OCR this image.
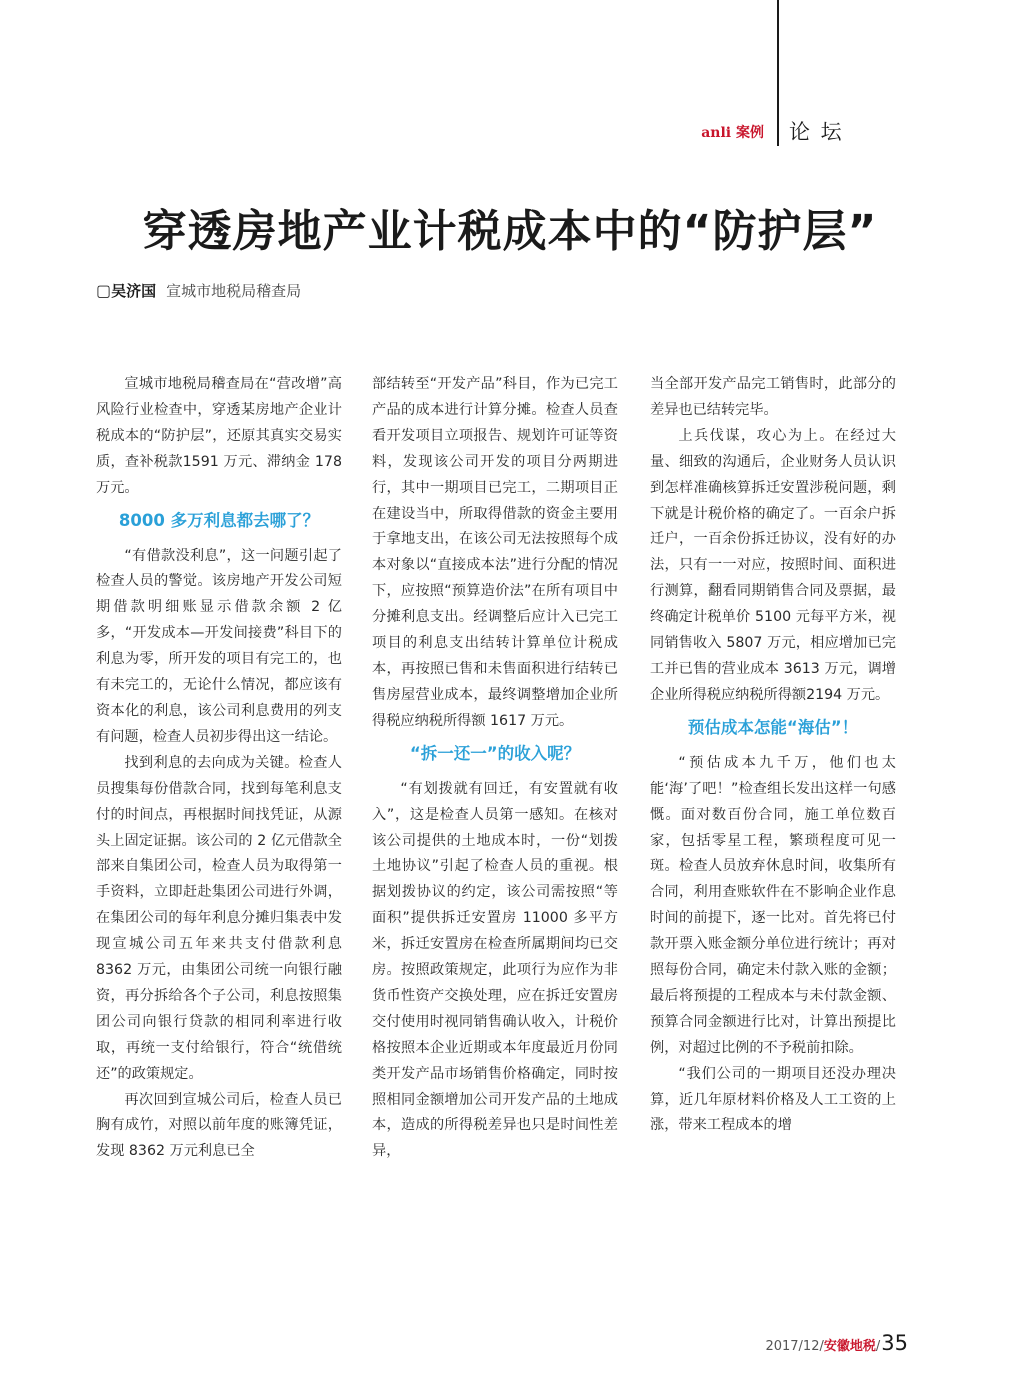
anli 案例 论 坛
穿透房地产业计税成本中的“防护层”
▢吴济国 宣城市地税局稽查局

宣城市地税局稽查局在“营改增”高风险行业检查中，穿透某房地产企业计税成本的“防护层”，还原其真实交易实质，查补税款1591 万元、滞纳金 178 万元。

8000 多万利息都去哪了？

“有借款没利息”，这一问题引起了检查人员的警觉。该房地产开发公司短期借款明细账显示借款余额 2 亿多，“开发成本—开发间接费”科目下的利息为零，所开发的项目有完工的，也有未完工的，无论什么情况，都应该有资本化的利息，该公司利息费用的列支有问题，检查人员初步得出这一结论。

找到利息的去向成为关键。检查人员搜集每份借款合同，找到每笔利息支付的时间点，再根据时间找凭证，从源头上固定证据。该公司的 2 亿元借款全部来自集团公司，检查人员为取得第一手资料，立即赶赴集团公司进行外调，在集团公司的每年利息分摊归集表中发现宣城公司五年来共支付借款利息 8362 万元，由集团公司统一向银行融资，再分拆给各个子公司，利息按照集团公司向银行贷款的相同利率进行收取，再统一支付给银行，符合“统借统还”的政策规定。

再次回到宣城公司后，检查人员已胸有成竹，对照以前年度的账簿凭证，发现 8362 万元利息已全

部结转至“开发产品”科目，作为已完工产品的成本进行计算分摊。检查人员查看开发项目立项报告、规划许可证等资料，发现该公司开发的项目分两期进行，其中一期项目已完工，二期项目正在建设当中，所取得借款的资金主要用于拿地支出，在该公司无法按照每个成本对象以“直接成本法”进行分配的情况下，应按照“预算造价法”在所有项目中分摊利息支出。经调整后应计入已完工项目的利息支出结转计算单位计税成本，再按照已售和未售面积进行结转已售房屋营业成本，最终调整增加企业所得税应纳税所得额 1617 万元。

“拆一还一”的收入呢？

“有划拨就有回迁，有安置就有收入”，这是检查人员第一感知。在核对该公司提供的土地成本时，一份“划拨土地协议”引起了检查人员的重视。根据划拨协议的约定，该公司需按照“等面积”提供拆迁安置房 11000 多平方米，拆迁安置房在检查所属期间均已交房。按照政策规定，此项行为应作为非货币性资产交换处理，应在拆迁安置房交付使用时视同销售确认收入，计税价格按照本企业近期或本年度最近月份同类开发产品市场销售价格确定，同时按照相同金额增加公司开发产品的土地成本，造成的所得税差异也只是时间性差异，

当全部开发产品完工销售时，此部分的差异也已结转完毕。

上兵伐谋，攻心为上。在经过大量、细致的沟通后，企业财务人员认识到怎样准确核算拆迁安置涉税问题，剩下就是计税价格的确定了。一百余户拆迁户，一百余份拆迁协议，没有好的办法，只有一一对应，按照时间、面积进行测算，翻看同期销售合同及票据，最终确定计税单价 5100 元每平方米，视同销售收入 5807 万元，相应增加已完工并已售的营业成本 3613 万元，调增企业所得税应纳税所得额2194 万元。

预估成本怎能“海估”！

“预估成本九千万，他们也太能‘海’了吧！”检查组长发出这样一句感慨。面对数百份合同，施工单位数百家，包括零星工程，繁琐程度可见一斑。检查人员放弃休息时间，收集所有合同，利用查账软件在不影响企业作息时间的前提下，逐一比对。首先将已付款开票入账金额分单位进行统计；再对照每份合同，确定未付款入账的金额；最后将预提的工程成本与未付款金额、预算合同金额进行比对，计算出预提比例，对超过比例的不予税前扣除。

“我们公司的一期项目还没办理决算，近几年原材料价格及人工工资的上涨，带来工程成本的增

2017/12/安徽地税/35
